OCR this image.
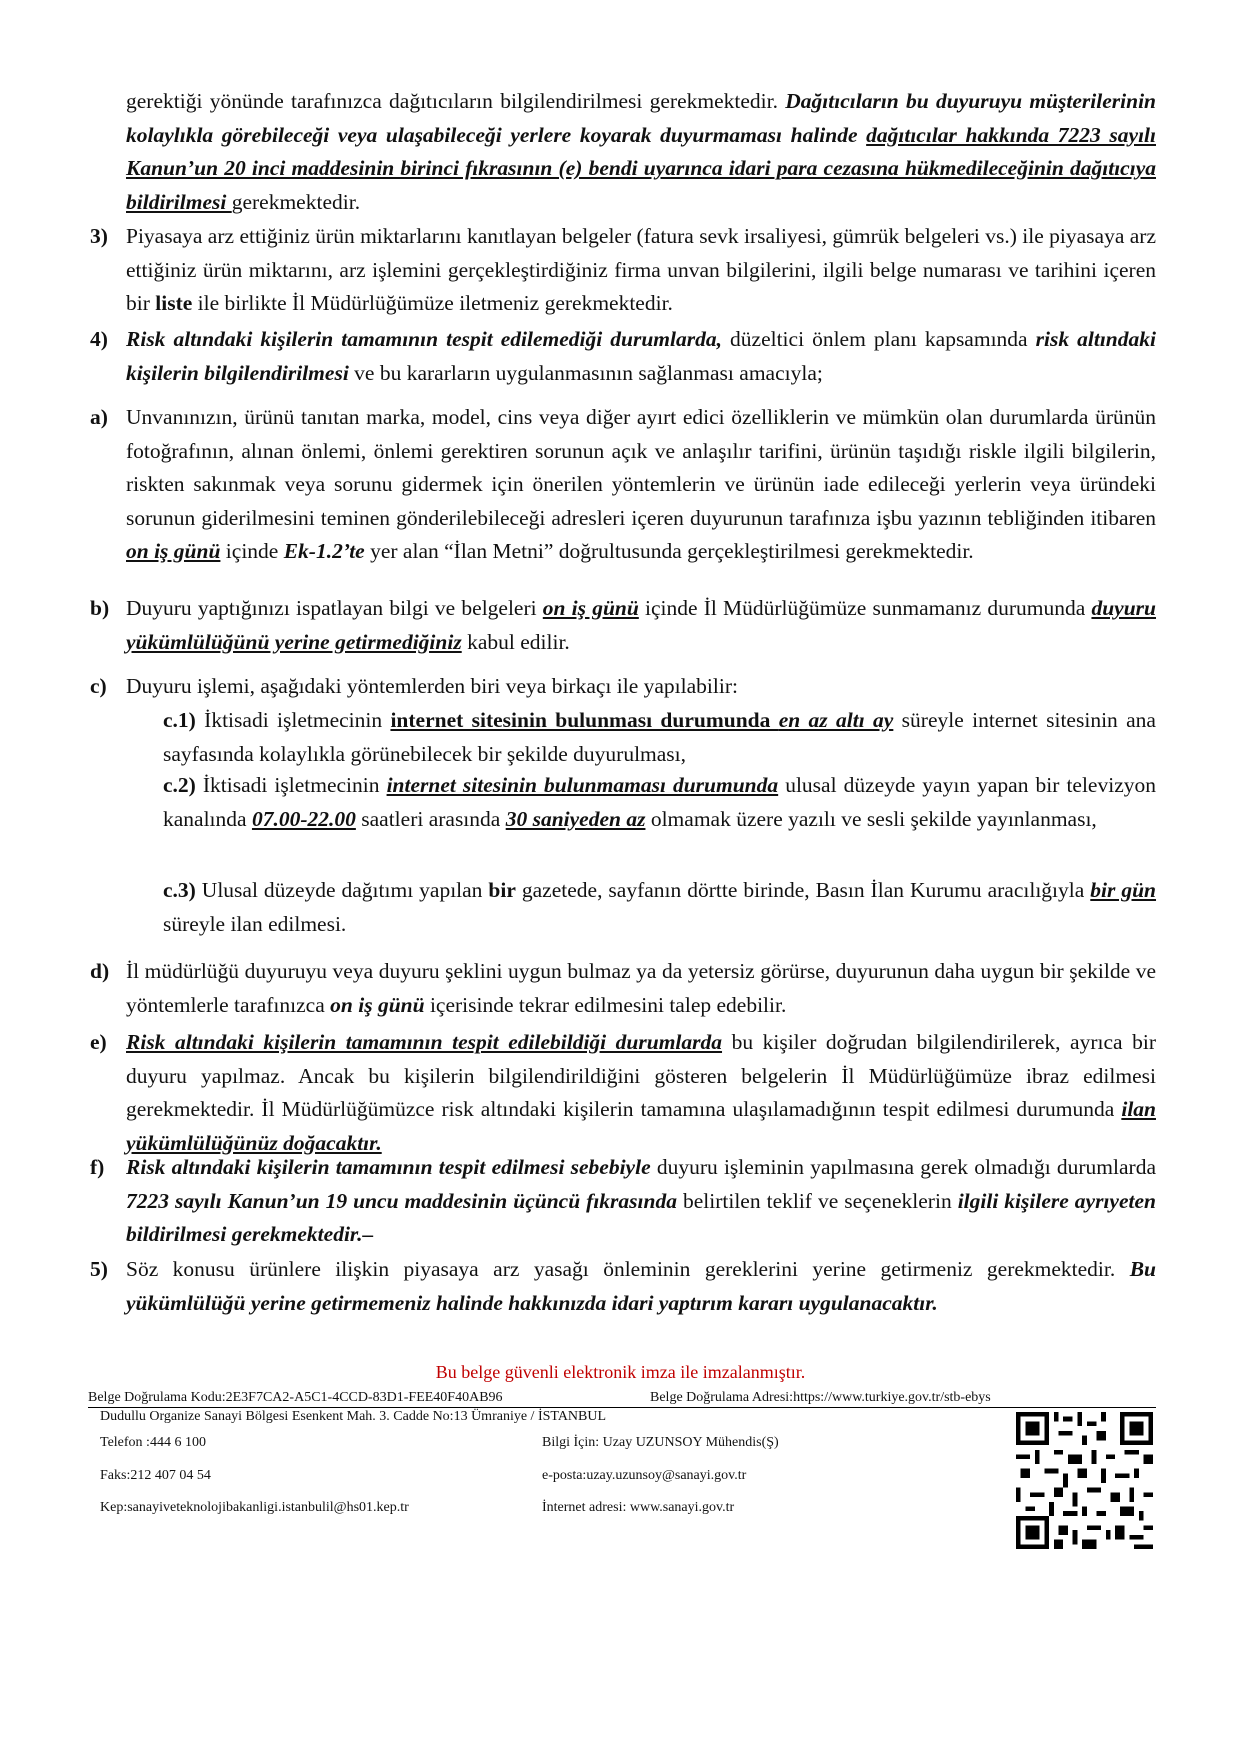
gerektiği yönünde tarafınızca dağıtıcıların bilgilendirilmesi gerekmektedir. Dağıtıcıların bu duyuruyu müşterilerinin kolaylıkla görebileceği veya ulaşabileceği yerlere koyarak duyurmaması halinde dağıtıcılar hakkında 7223 sayılı Kanun’un 20 inci maddesinin birinci fıkrasının (e) bendi uyarınca idari para cezasına hükmedileceğinin dağıtıcıya bildirilmesi gerekmektedir.
3) Piyasaya arz ettiğiniz ürün miktarlarını kanıtlayan belgeler (fatura sevk irsaliyesi, gümrük belgeleri vs.) ile piyasaya arz ettiğiniz ürün miktarını, arz işlemini gerçekleştirdiğiniz firma unvan bilgilerini, ilgili belge numarası ve tarihini içeren bir liste ile birlikte İl Müdürlüğümüze iletmeniz gerekmektedir.
4) Risk altındaki kişilerin tamamının tespit edilemediği durumlarda, düzeltici önlem planı kapsamında risk altındaki kişilerin bilgilendirilmesi ve bu kararların uygulanmasının sağlanması amacıyla;
a) Unvanınızın, ürünü tanıtan marka, model, cins veya diğer ayırt edici özelliklerin ve mümkün olan durumlarda ürünün fotoğrafının, alınan önlemi, önlemi gerektiren sorunun açık ve anlaşılır tarifini, ürünün taşıdığı riskle ilgili bilgilerin, riskten sakınmak veya sorunu gidermek için önerilen yöntemlerin ve ürünün iade edileceği yerlerin veya üründeki sorunun giderilmesini teminen gönderilebileceği adresleri içeren duyurunun tarafınıza işbu yazının tebliğinden itibaren on iş günü içinde Ek-1.2’te yer alan “İlan Metni” doğrultusunda gerçekleştirilmesi gerekmektedir.
b) Duyuru yaptığınızı ispatlayan bilgi ve belgeleri on iş günü içinde İl Müdürlüğümüze sunmamanız durumunda duyuru yükümlülüğünü yerine getirmediğiniz kabul edilir.
c) Duyuru işlemi, aşağıdaki yöntemlerden biri veya birkaçı ile yapılabilir:
c.1) İktisadi işletmecinin internet sitesinin bulunması durumunda en az altı ay süreyle internet sitesinin ana sayfasında kolaylıkla görünebilecek bir şekilde duyurulması,
c.2) İktisadi işletmecinin internet sitesinin bulunmaması durumunda ulusal düzeyde yayın yapan bir televizyon kanalında 07.00-22.00 saatleri arasında 30 saniyeden az olmamak üzere yazılı ve sesli şekilde yayınlanması,
c.3) Ulusal düzeyde dağıtımı yapılan bir gazetede, sayfanın dörtte birinde, Basın İlan Kurumu aracılığıyla bir gün süreyle ilan edilmesi.
d) İl müdürlüğü duyuruyu veya duyuru şeklini uygun bulmaz ya da yetersiz görürse, duyurunun daha uygun bir şekilde ve yöntemlerle tarafınızca on iş günü içerisinde tekrar edilmesini talep edebilir.
e) Risk altındaki kişilerin tamamının tespit edilebildiği durumlarda bu kişiler doğrudan bilgilendirilerek, ayrıca bir duyuru yapılmaz. Ancak bu kişilerin bilgilendirildiğini gösteren belgelerin İl Müdürlüğümüze ibraz edilmesi gerekmektedir. İl Müdürlüğümüzce risk altındaki kişilerin tamamına ulaşılamadığının tespit edilmesi durumunda ilan yükümlülüğünüz doğacaktır.
f) Risk altındaki kişilerin tamamının tespit edilmesi sebebiyle duyuru işleminin yapılmasına gerek olmadığı durumlarda 7223 sayılı Kanun’un 19 uncu maddesinin üçüncü fıkrasında belirtilen teklif ve seçeneklerin ilgili kişilere ayrıyeten bildirilmesi gerekmektedir.–
5) Söz konusu ürünlere ilişkin piyasaya arz yasağı önleminin gereklerini yerine getirmeniz gerekmektedir. Bu yükümlülüğü yerine getirmemeniz halinde hakkınızda idari yaptırım kararı uygulanacaktır.
Bu belge güvenli elektronik imza ile imzalanmıştır.
Belge Doğrulama Kodu:2E3F7CA2-A5C1-4CCD-83D1-FEE40F40AB96	Belge Doğrulama Adresi:https://www.turkiye.gov.tr/stb-ebys
Dudullu Organize Sanayi Bölgesi Esenkent Mah. 3. Cadde No:13 Ümraniye / İSTANBUL
Telefon :444 6 100	Bilgi İçin: Uzay UZUNSOY Mühendis(Ş)
Faks:212 407 04 54	e-posta:uzay.uzunsoy@sanayi.gov.tr
Kep:sanayiveteknolojibakanligi.istanbulil@hs01.kep.tr	İnternet adresi: www.sanayi.gov.tr
